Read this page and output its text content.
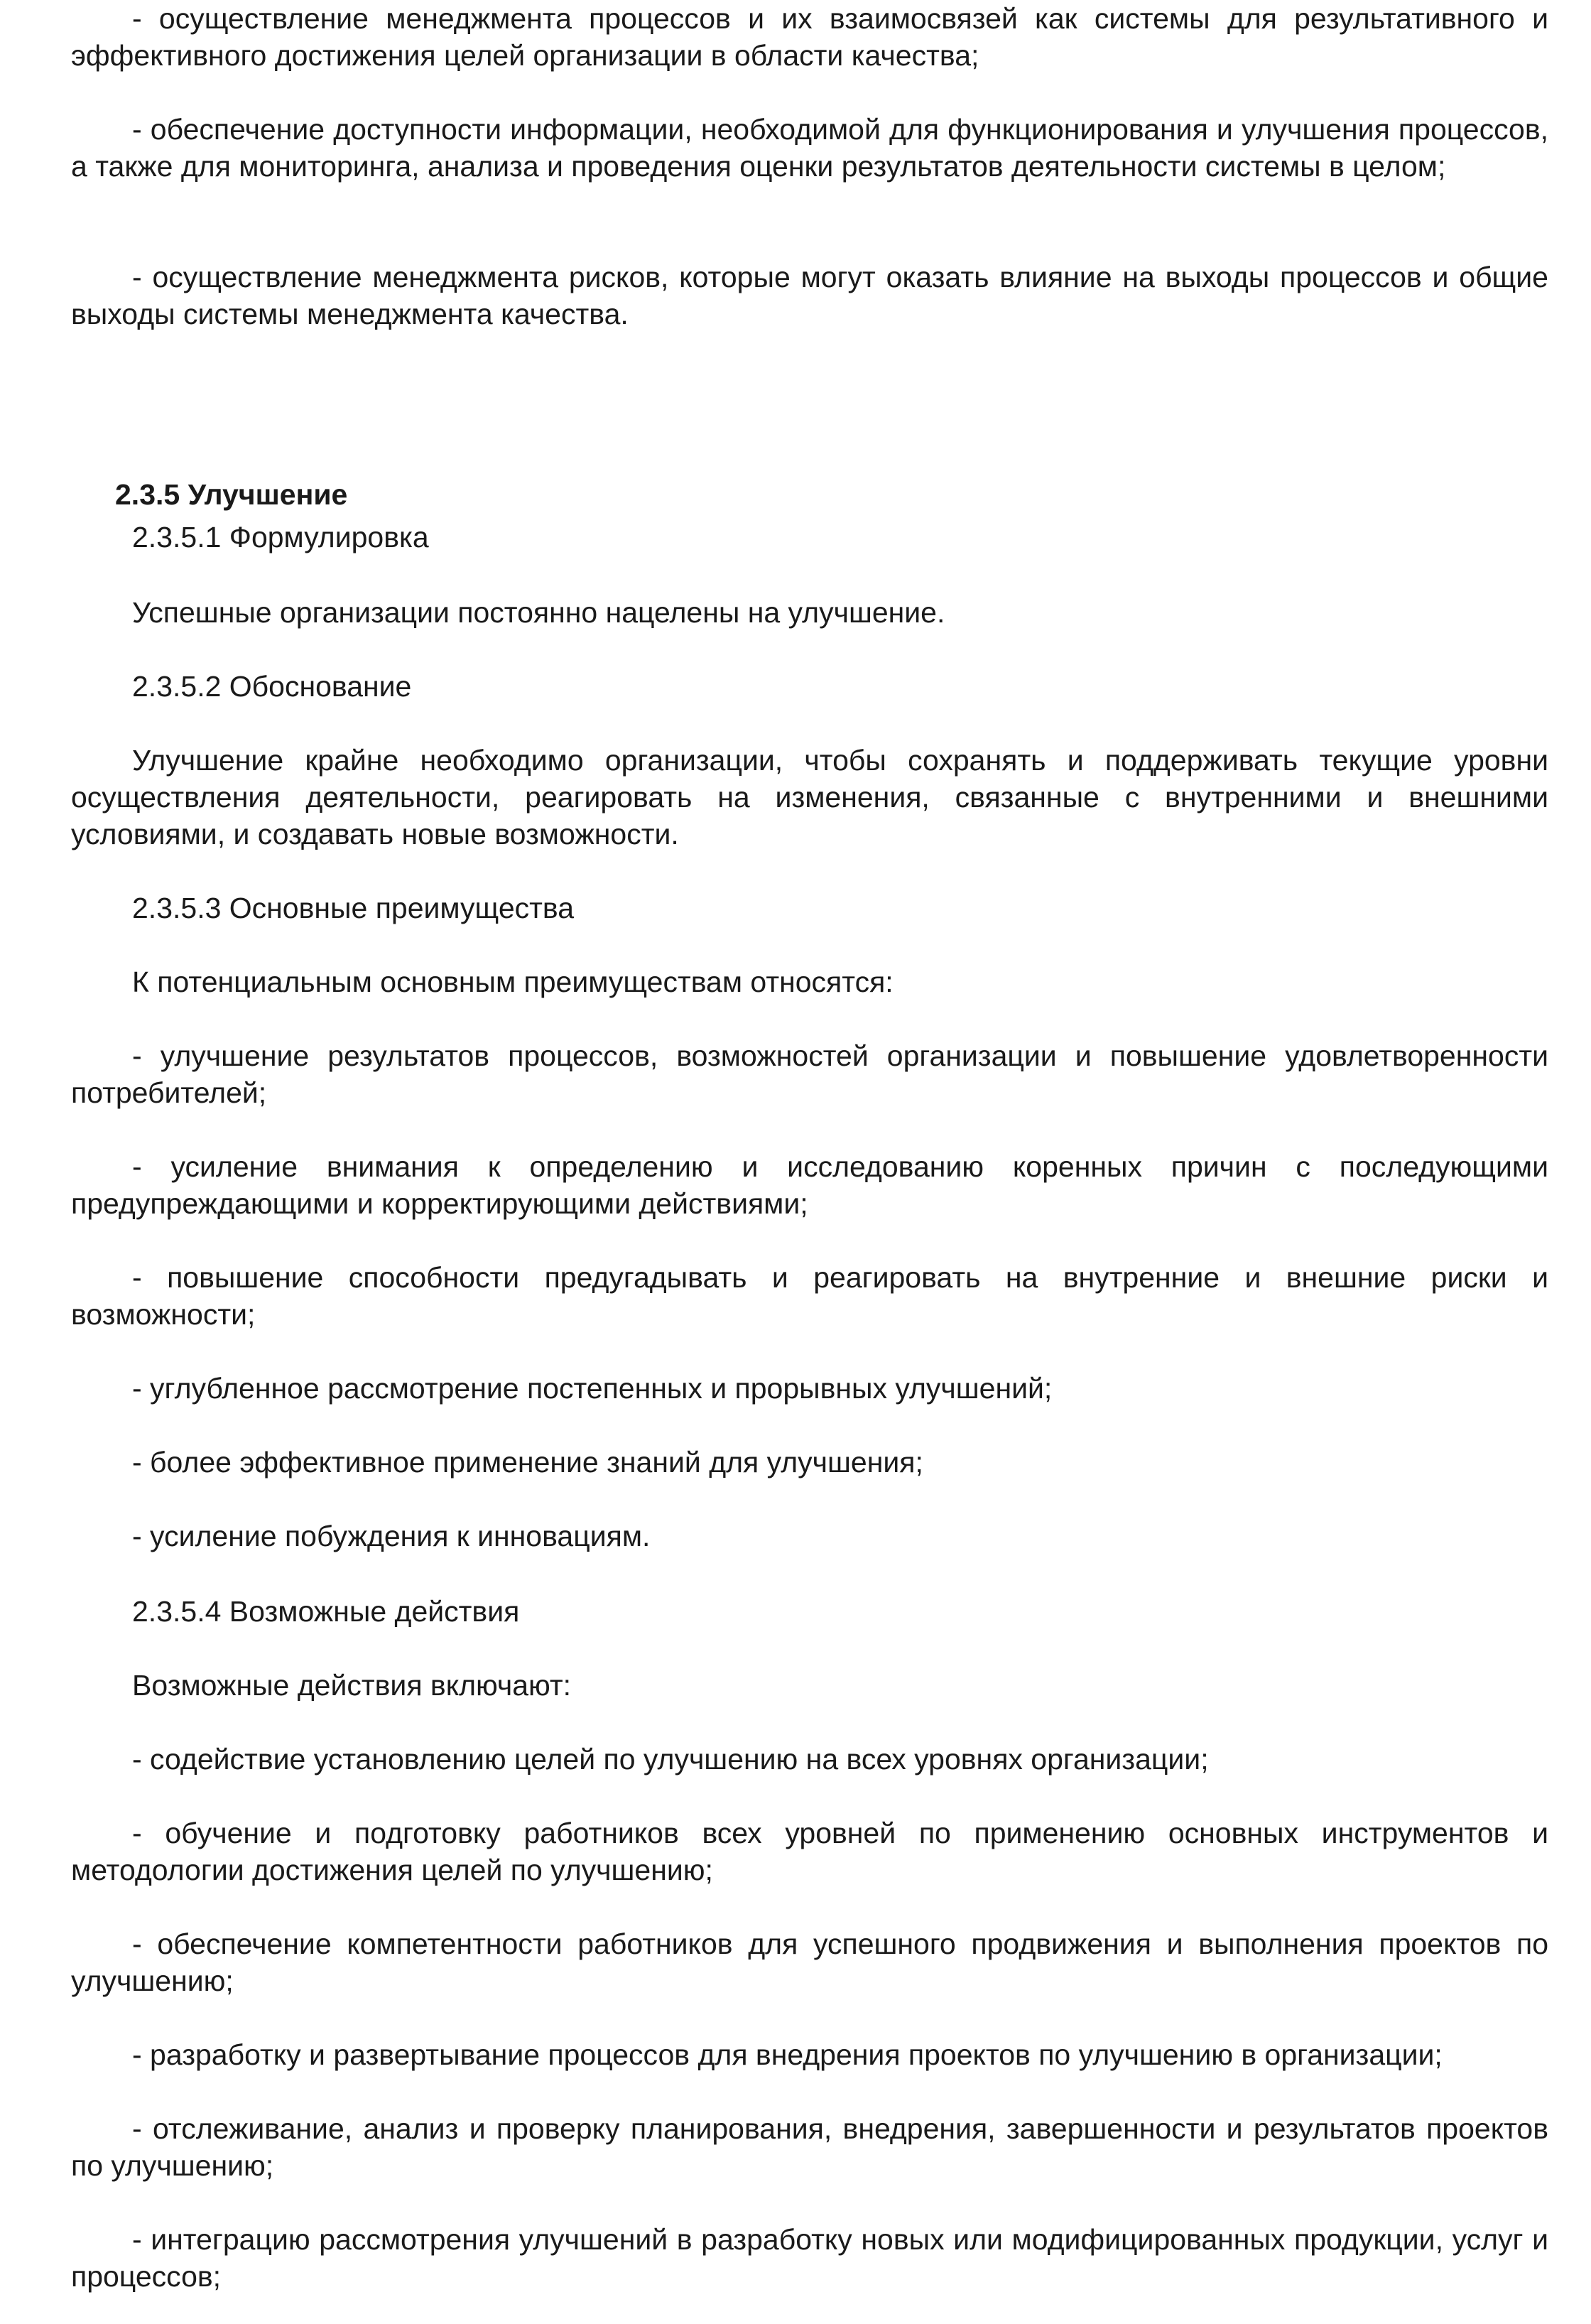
- осуществление менеджмента процессов и их взаимосвязей как системы для результативного и эффективного достижения целей организации в области качества;

- обеспечение доступности информации, необходимой для функционирования и улучшения процессов, а также для мониторинга, анализа и проведения оценки результатов деятельности системы в целом;

- осуществление менеджмента рисков, которые могут оказать влияние на выходы процессов и общие выходы системы менеджмента качества.

2.3.5 Улучшение

2.3.5.1 Формулировка

Успешные организации постоянно нацелены на улучшение.

2.3.5.2 Обоснование

Улучшение крайне необходимо организации, чтобы сохранять и поддерживать текущие уровни осуществления деятельности, реагировать на изменения, связанные с внутренними и внешними условиями, и создавать новые возможности.

2.3.5.3 Основные преимущества

К потенциальным основным преимуществам относятся:

- улучшение результатов процессов, возможностей организации и повышение удовлетворенности потребителей;

- усиление внимания к определению и исследованию коренных причин с последующими предупреждающими и корректирующими действиями;

- повышение способности предугадывать и реагировать на внутренние и внешние риски и возможности;

- углубленное рассмотрение постепенных и прорывных улучшений;

- более эффективное применение знаний для улучшения;

- усиление побуждения к инновациям.

2.3.5.4 Возможные действия

Возможные действия включают:

- содействие установлению целей по улучшению на всех уровнях организации;

- обучение и подготовку работников всех уровней по применению основных инструментов и методологии достижения целей по улучшению;

- обеспечение компетентности работников для успешного продвижения и выполнения проектов по улучшению;

- разработку и развертывание процессов для внедрения проектов по улучшению в организации;

- отслеживание, анализ и проверку планирования, внедрения, завершенности и результатов проектов по улучшению;

- интеграцию рассмотрения улучшений в разработку новых или модифицированных продукции, услуг и процессов;
